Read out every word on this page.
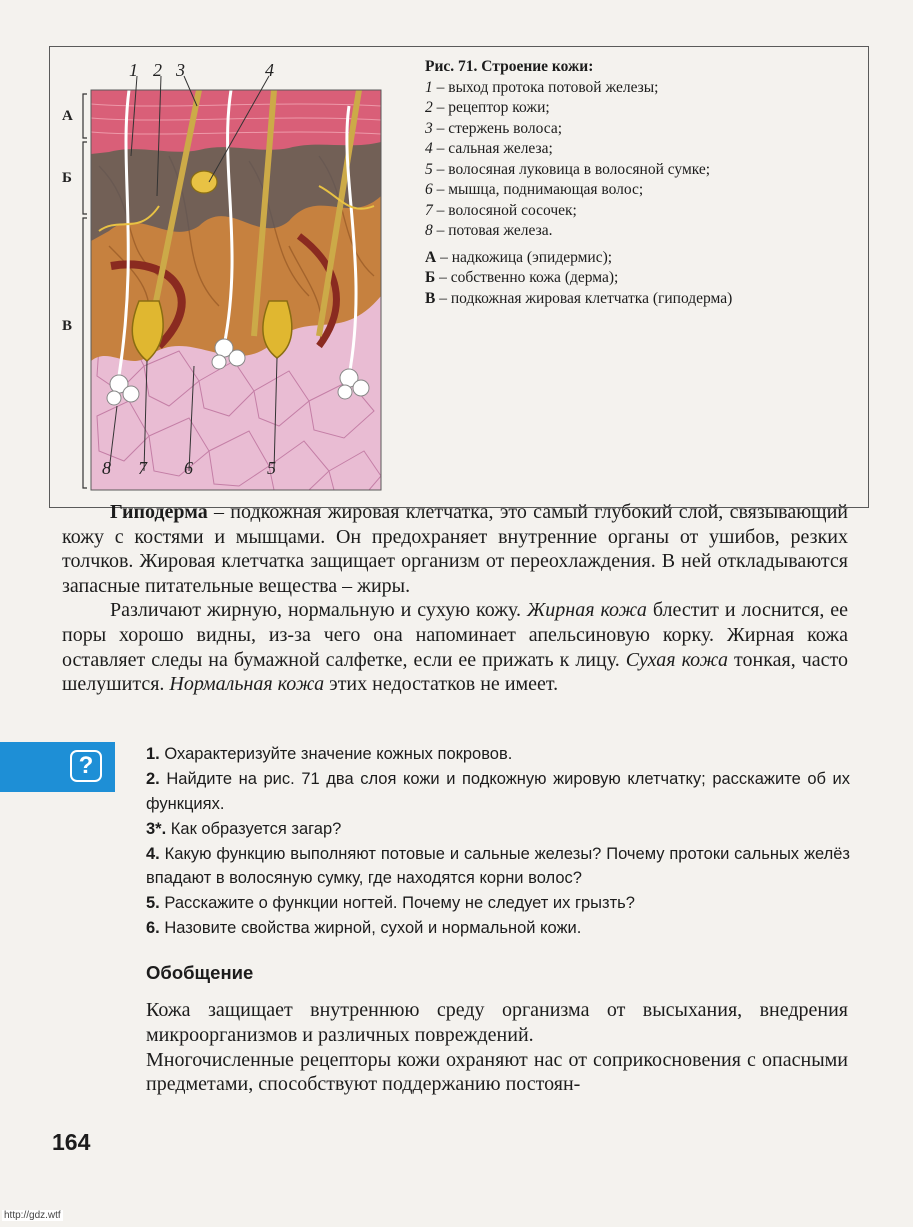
1 2 3	4
8 7 6	5
А
Б
В
Рис. 71. Строение кожи:
1 – выход протока потовой железы;
2 – рецептор кожи;
3 – стержень волоса;
4 – сальная железа;
5 – волосяная луковица в волосяной сумке;
6 – мышца, поднимающая волос;
7 – волосяной сосочек;
8 – потовая железа.
А – надкожица (эпидермис);
Б – собственно кожа (дерма);
В – подкожная жировая клетчатка (гиподерма)

Гиподерма – подкожная жировая клетчатка, это самый глубокий слой, связывающий кожу с костями и мышцами. Он предохраняет внутренние органы от ушибов, резких толчков. Жировая клетчатка защищает организм от переохлаждения. В ней откладываются запасные питательные вещества – жиры.

Различают жирную, нормальную и сухую кожу. Жирная кожа блестит и лоснится, ее поры хорошо видны, из-за чего она напоминает апельсиновую корку. Жирная кожа оставляет следы на бумажной салфетке, если ее прижать к лицу. Сухая кожа тонкая, часто шелушится. Нормальная кожа этих недостатков не имеет.

?	1. Охарактеризуйте значение кожных покровов.
2. Найдите на рис. 71 два слоя кожи и подкожную жировую клетчатку; расскажите об их функциях.
3*. Как образуется загар?
4. Какую функцию выполняют потовые и сальные железы? Почему протоки сальных желёз впадают в волосяную сумку, где находятся корни волос?
5. Расскажите о функции ногтей. Почему не следует их грызть?
6. Назовите свойства жирной, сухой и нормальной кожи.
Обобщение

Кожа защищает внутреннюю среду организма от высыхания, внедрения микроорганизмов и различных повреждений.

Многочисленные рецепторы кожи охраняют нас от соприкосновения с опасными предметами, способствуют поддержанию постоян-

164
http://gdz.wtf
